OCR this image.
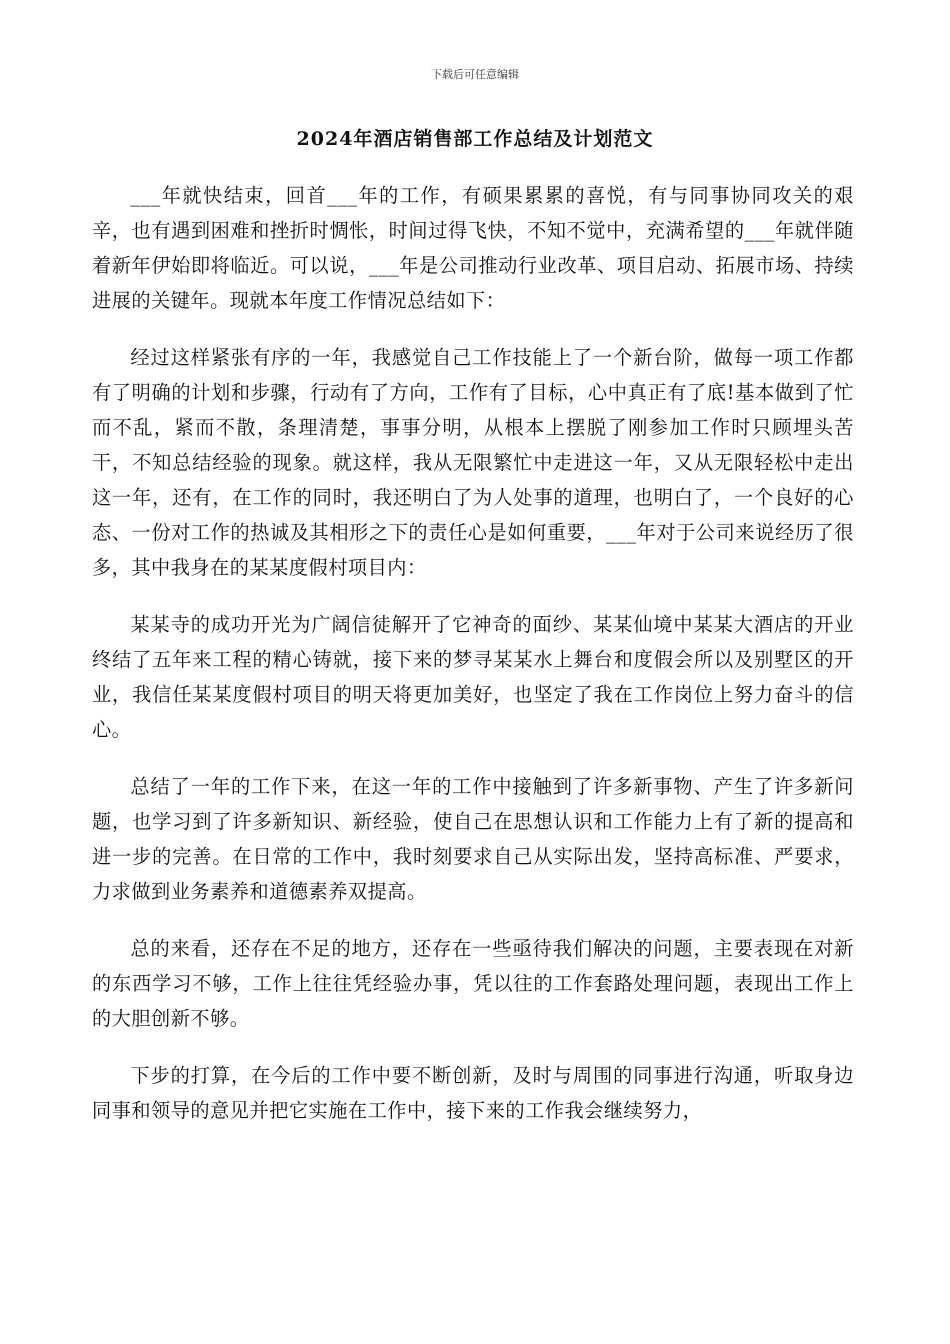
下载后可任意编辑
2024年酒店销售部工作总结及计划范文

___年就快结束，回首___年的工作，有硕果累累的喜悦，有与同事协同攻关的艰辛，也有遇到困难和挫折时惆怅，时间过得飞快，不知不觉中，充满希望的___年就伴随着新年伊始即将临近。可以说，___年是公司推动行业改革、项目启动、拓展市场、持续进展的关键年。现就本年度工作情况总结如下：

经过这样紧张有序的一年，我感觉自己工作技能上了一个新台阶，做每一项工作都有了明确的计划和步骤，行动有了方向，工作有了目标，心中真正有了底!基本做到了忙而不乱，紧而不散，条理清楚，事事分明，从根本上摆脱了刚参加工作时只顾埋头苦干，不知总结经验的现象。就这样，我从无限繁忙中走进这一年，又从无限轻松中走出这一年，还有，在工作的同时，我还明白了为人处事的道理，也明白了，一个良好的心态、一份对工作的热诚及其相形之下的责任心是如何重要，___年对于公司来说经历了很多，其中我身在的某某度假村项目内：

某某寺的成功开光为广阔信徒解开了它神奇的面纱、某某仙境中某某大酒店的开业终结了五年来工程的精心铸就，接下来的梦寻某某水上舞台和度假会所以及别墅区的开业，我信任某某度假村项目的明天将更加美好，也坚定了我在工作岗位上努力奋斗的信心。

总结了一年的工作下来，在这一年的工作中接触到了许多新事物、产生了许多新问题，也学习到了许多新知识、新经验，使自己在思想认识和工作能力上有了新的提高和进一步的完善。在日常的工作中，我时刻要求自己从实际出发，坚持高标准、严要求，力求做到业务素养和道德素养双提高。

总的来看，还存在不足的地方，还存在一些亟待我们解决的问题，主要表现在对新的东西学习不够，工作上往往凭经验办事，凭以往的工作套路处理问题，表现出工作上的大胆创新不够。

下步的打算，在今后的工作中要不断创新，及时与周围的同事进行沟通，听取身边同事和领导的意见并把它实施在工作中，接下来的工作我会继续努力，
